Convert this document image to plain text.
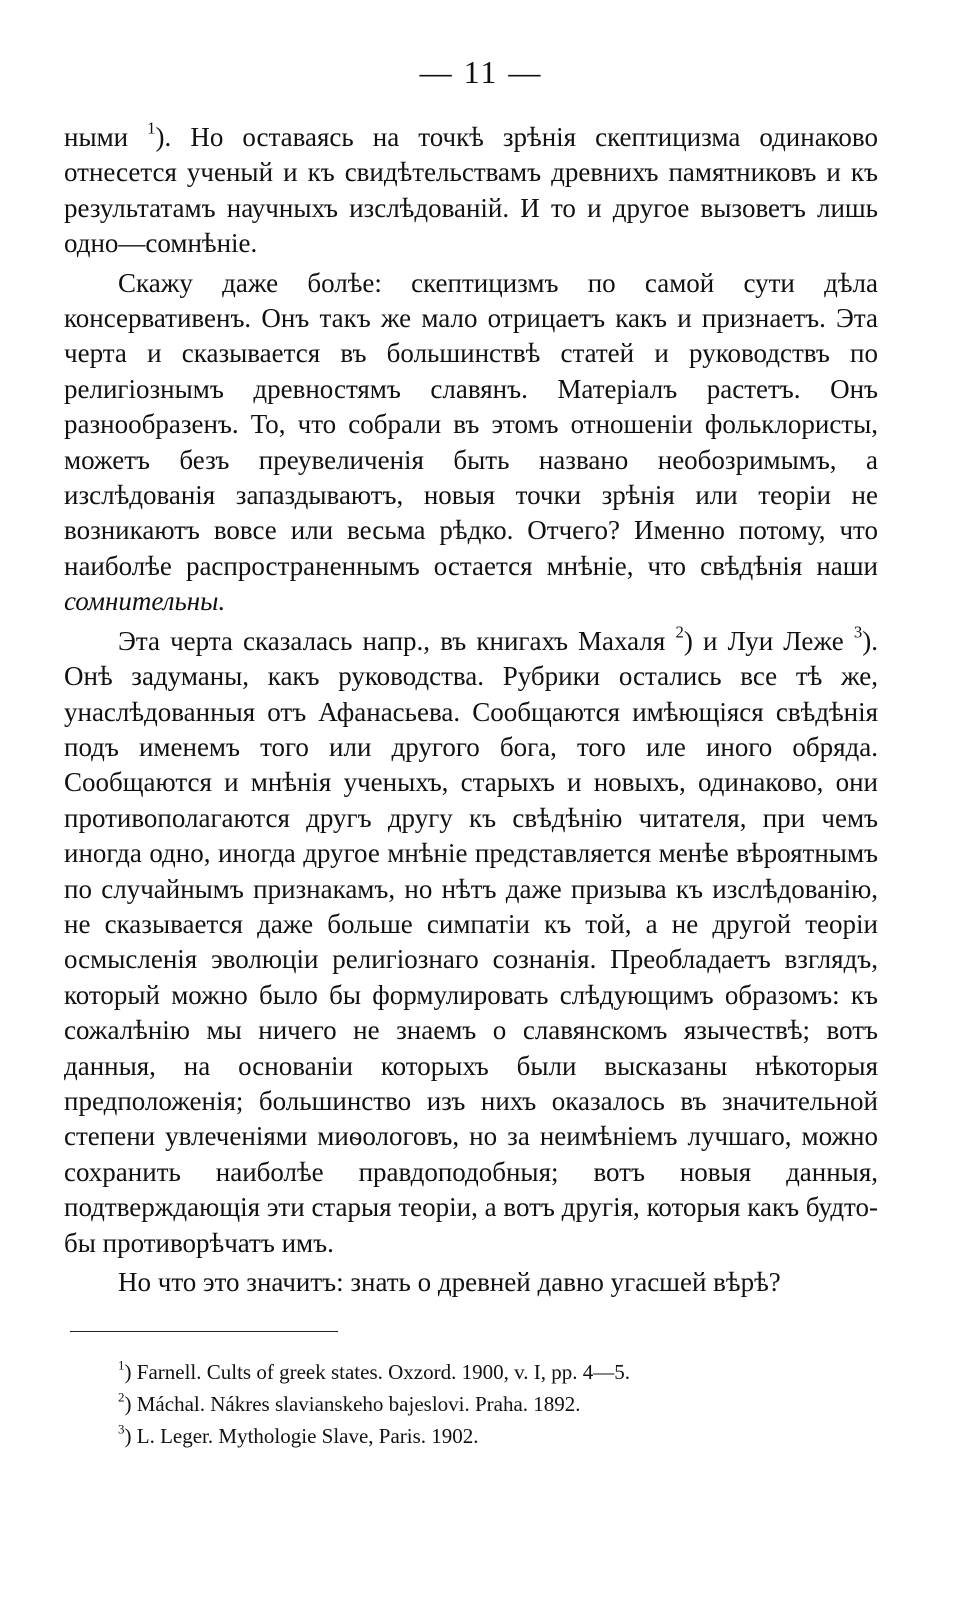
— 11 —

ными $^1$). Но оставаясь на точкѣ зрѣнія скептицизма одинаково отнесется ученый и къ свидѣтельствамъ древнихъ памятниковъ и къ результатамъ научныхъ изслѣдованій. И то и другое вызоветъ лишь одно—сомнѣніе.

Скажу даже болѣе: скептицизмъ по самой сути дѣла консервативенъ. Онъ такъ же мало отрицаетъ какъ и признаетъ. Эта черта и сказывается въ большинствѣ статей и руководствъ по религіознымъ древностямъ славянъ. Матеріалъ растетъ. Онъ разнообразенъ. То, что собрали въ этомъ отношеніи фольклористы, можетъ безъ преувеличенія быть названо необозримымъ, а изслѣдованія запаздываютъ, новыя точки зрѣнія или теоріи не возникаютъ вовсе или весьма рѣдко. Отчего? Именно потому, что наиболѣе распространеннымъ остается мнѣніе, что свѣдѣнія наши сомнительны.

Эта черта сказалась напр., въ книгахъ Махаля $^2$) и Луи Леже $^3$). Онѣ задуманы, какъ руководства. Рубрики остались все тѣ же, унаслѣдованныя отъ Афанасьева. Сообщаются имѣющіяся свѣдѣнія подъ именемъ того или другого бога, того иле иного обряда. Сообщаются и мнѣнія ученыхъ, старыхъ и новыхъ, одинаково, они противополагаются другъ другу къ свѣдѣнію читателя, при чемъ иногда одно, иногда другое мнѣніе представляется менѣе вѣроятнымъ по случайнымъ признакамъ, но нѣтъ даже призыва къ изслѣдованію, не сказывается даже больше симпатіи къ той, а не другой теоріи осмысленія эволюціи религіознаго сознанія. Преобладаетъ взглядъ, который можно было бы формулировать слѣдующимъ образомъ: къ сожалѣнію мы ничего не знаемъ о славянскомъ язычествѣ; вотъ данныя, на основаніи которыхъ были высказаны нѣкоторыя предположенія; большинство изъ нихъ оказалось въ значительной степени увлеченіями миѳологовъ, но за неимѣніемъ лучшаго, можно сохранить наиболѣе правдоподобныя; вотъ новыя данныя, подтверждающія эти старыя теоріи, а вотъ другія, которыя какъ будто-бы противорѣчатъ имъ.

Но что это значитъ: знать о древней давно угасшей вѣрѣ?

$^1$) Farnell. Cults of greek states. Oxzord. 1900, v. I, pp. 4—5.
$^2$) Máchal. Nákres slavianskeho bajeslovi. Praha. 1892.
$^3$) L. Leger. Mythologie Slave, Paris. 1902.
